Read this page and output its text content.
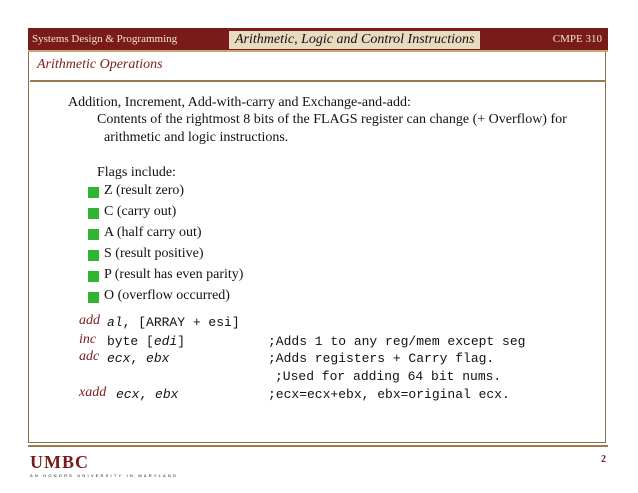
Systems Design & Programming	Arithmetic, Logic and Control Instructions	CMPE 310
Arithmetic Operations
Addition, Increment, Add-with-carry and Exchange-and-add:
Contents of the rightmost 8 bits of the FLAGS register can change (+ Overflow) for
arithmetic and logic instructions.
Flags include:
Z (result zero)
C (carry out)
A (half carry out)
S (result positive)
P (result has even parity)
O (overflow occurred)
add al, [ARRAY + esi]
inc byte [edi]	;Adds 1 to any reg/mem except seg
adc ecx, ebx	;Adds registers + Carry flag.
;Used for adding 64 bit nums.
xadd ecx, ebx	;ecx=ecx+ebx, ebx=original ecx.
UMBC
AN HONORS UNIVERSITY IN MARYLAND
2
